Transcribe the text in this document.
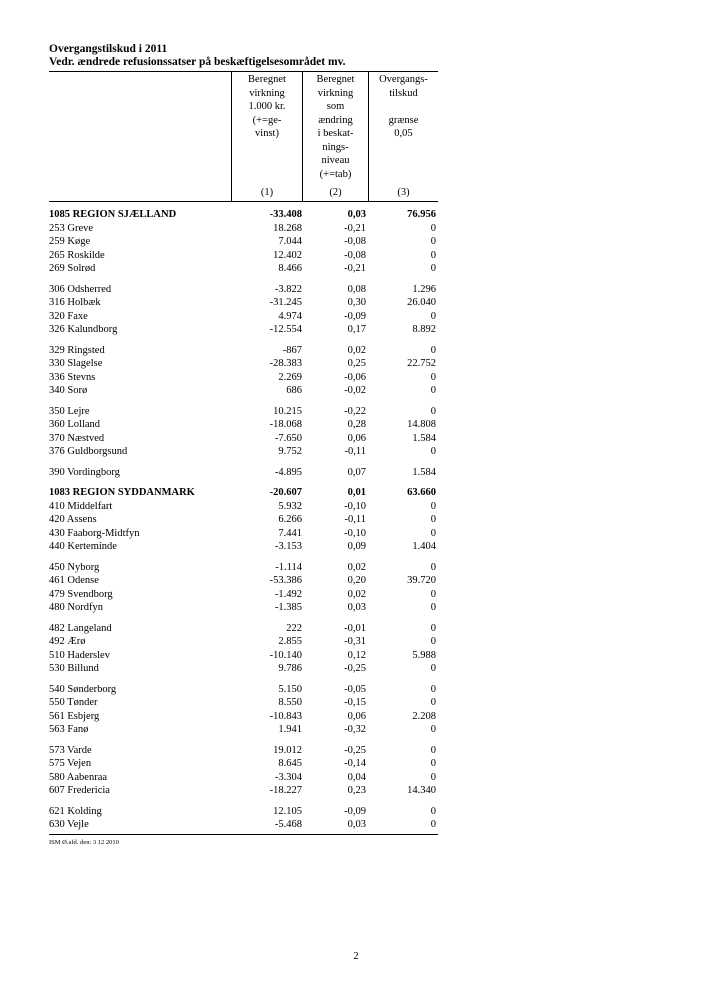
Overgangstilskud i 2011
Vedr. ændrede refusionssatser på beskæftigelsesområdet mv.
Beregnet
virkning
1.000 kr.
(+=ge-
vinst)
(1)
Beregnet
virkning
som
ændring
i beskat-
nings-
niveau
(+=tab)
(2)
Overgangs-
tilskud

grænse
0,05
(3)
1085 REGION SJÆLLAND	-33.408	0,03	76.956
253 Greve	18.268	-0,21	0
259 Køge	7.044	-0,08	0
265 Roskilde	12.402	-0,08	0
269 Solrød	8.466	-0,21	0
306 Odsherred	-3.822	0,08	1.296
316 Holbæk	-31.245	0,30	26.040
320 Faxe	4.974	-0,09	0
326 Kalundborg	-12.554	0,17	8.892
329 Ringsted	-867	0,02	0
330 Slagelse	-28.383	0,25	22.752
336 Stevns	2.269	-0,06	0
340 Sorø	686	-0,02	0
350 Lejre	10.215	-0,22	0
360 Lolland	-18.068	0,28	14.808
370 Næstved	-7.650	0,06	1.584
376 Guldborgsund	9.752	-0,11	0
390 Vordingborg	-4.895	0,07	1.584
1083 REGION SYDDANMARK	-20.607	0,01	63.660
410 Middelfart	5.932	-0,10	0
420 Assens	6.266	-0,11	0
430 Faaborg-Midtfyn	7.441	-0,10	0
440 Kerteminde	-3.153	0,09	1.404
450 Nyborg	-1.114	0,02	0
461 Odense	-53.386	0,20	39.720
479 Svendborg	-1.492	0,02	0
480 Nordfyn	-1.385	0,03	0
482 Langeland	222	-0,01	0
492 Ærø	2.855	-0,31	0
510 Haderslev	-10.140	0,12	5.988
530 Billund	9.786	-0,25	0
540 Sønderborg	5.150	-0,05	0
550 Tønder	8.550	-0,15	0
561 Esbjerg	-10.843	0,06	2.208
563 Fanø	1.941	-0,32	0
573 Varde	19.012	-0,25	0
575 Vejen	8.645	-0,14	0
580 Aabenraa	-3.304	0,04	0
607 Fredericia	-18.227	0,23	14.340
621 Kolding	12.105	-0,09	0
630 Vejle	-5.468	0,03	0
ISM Ø.afd. den: 3 12 2010
2
